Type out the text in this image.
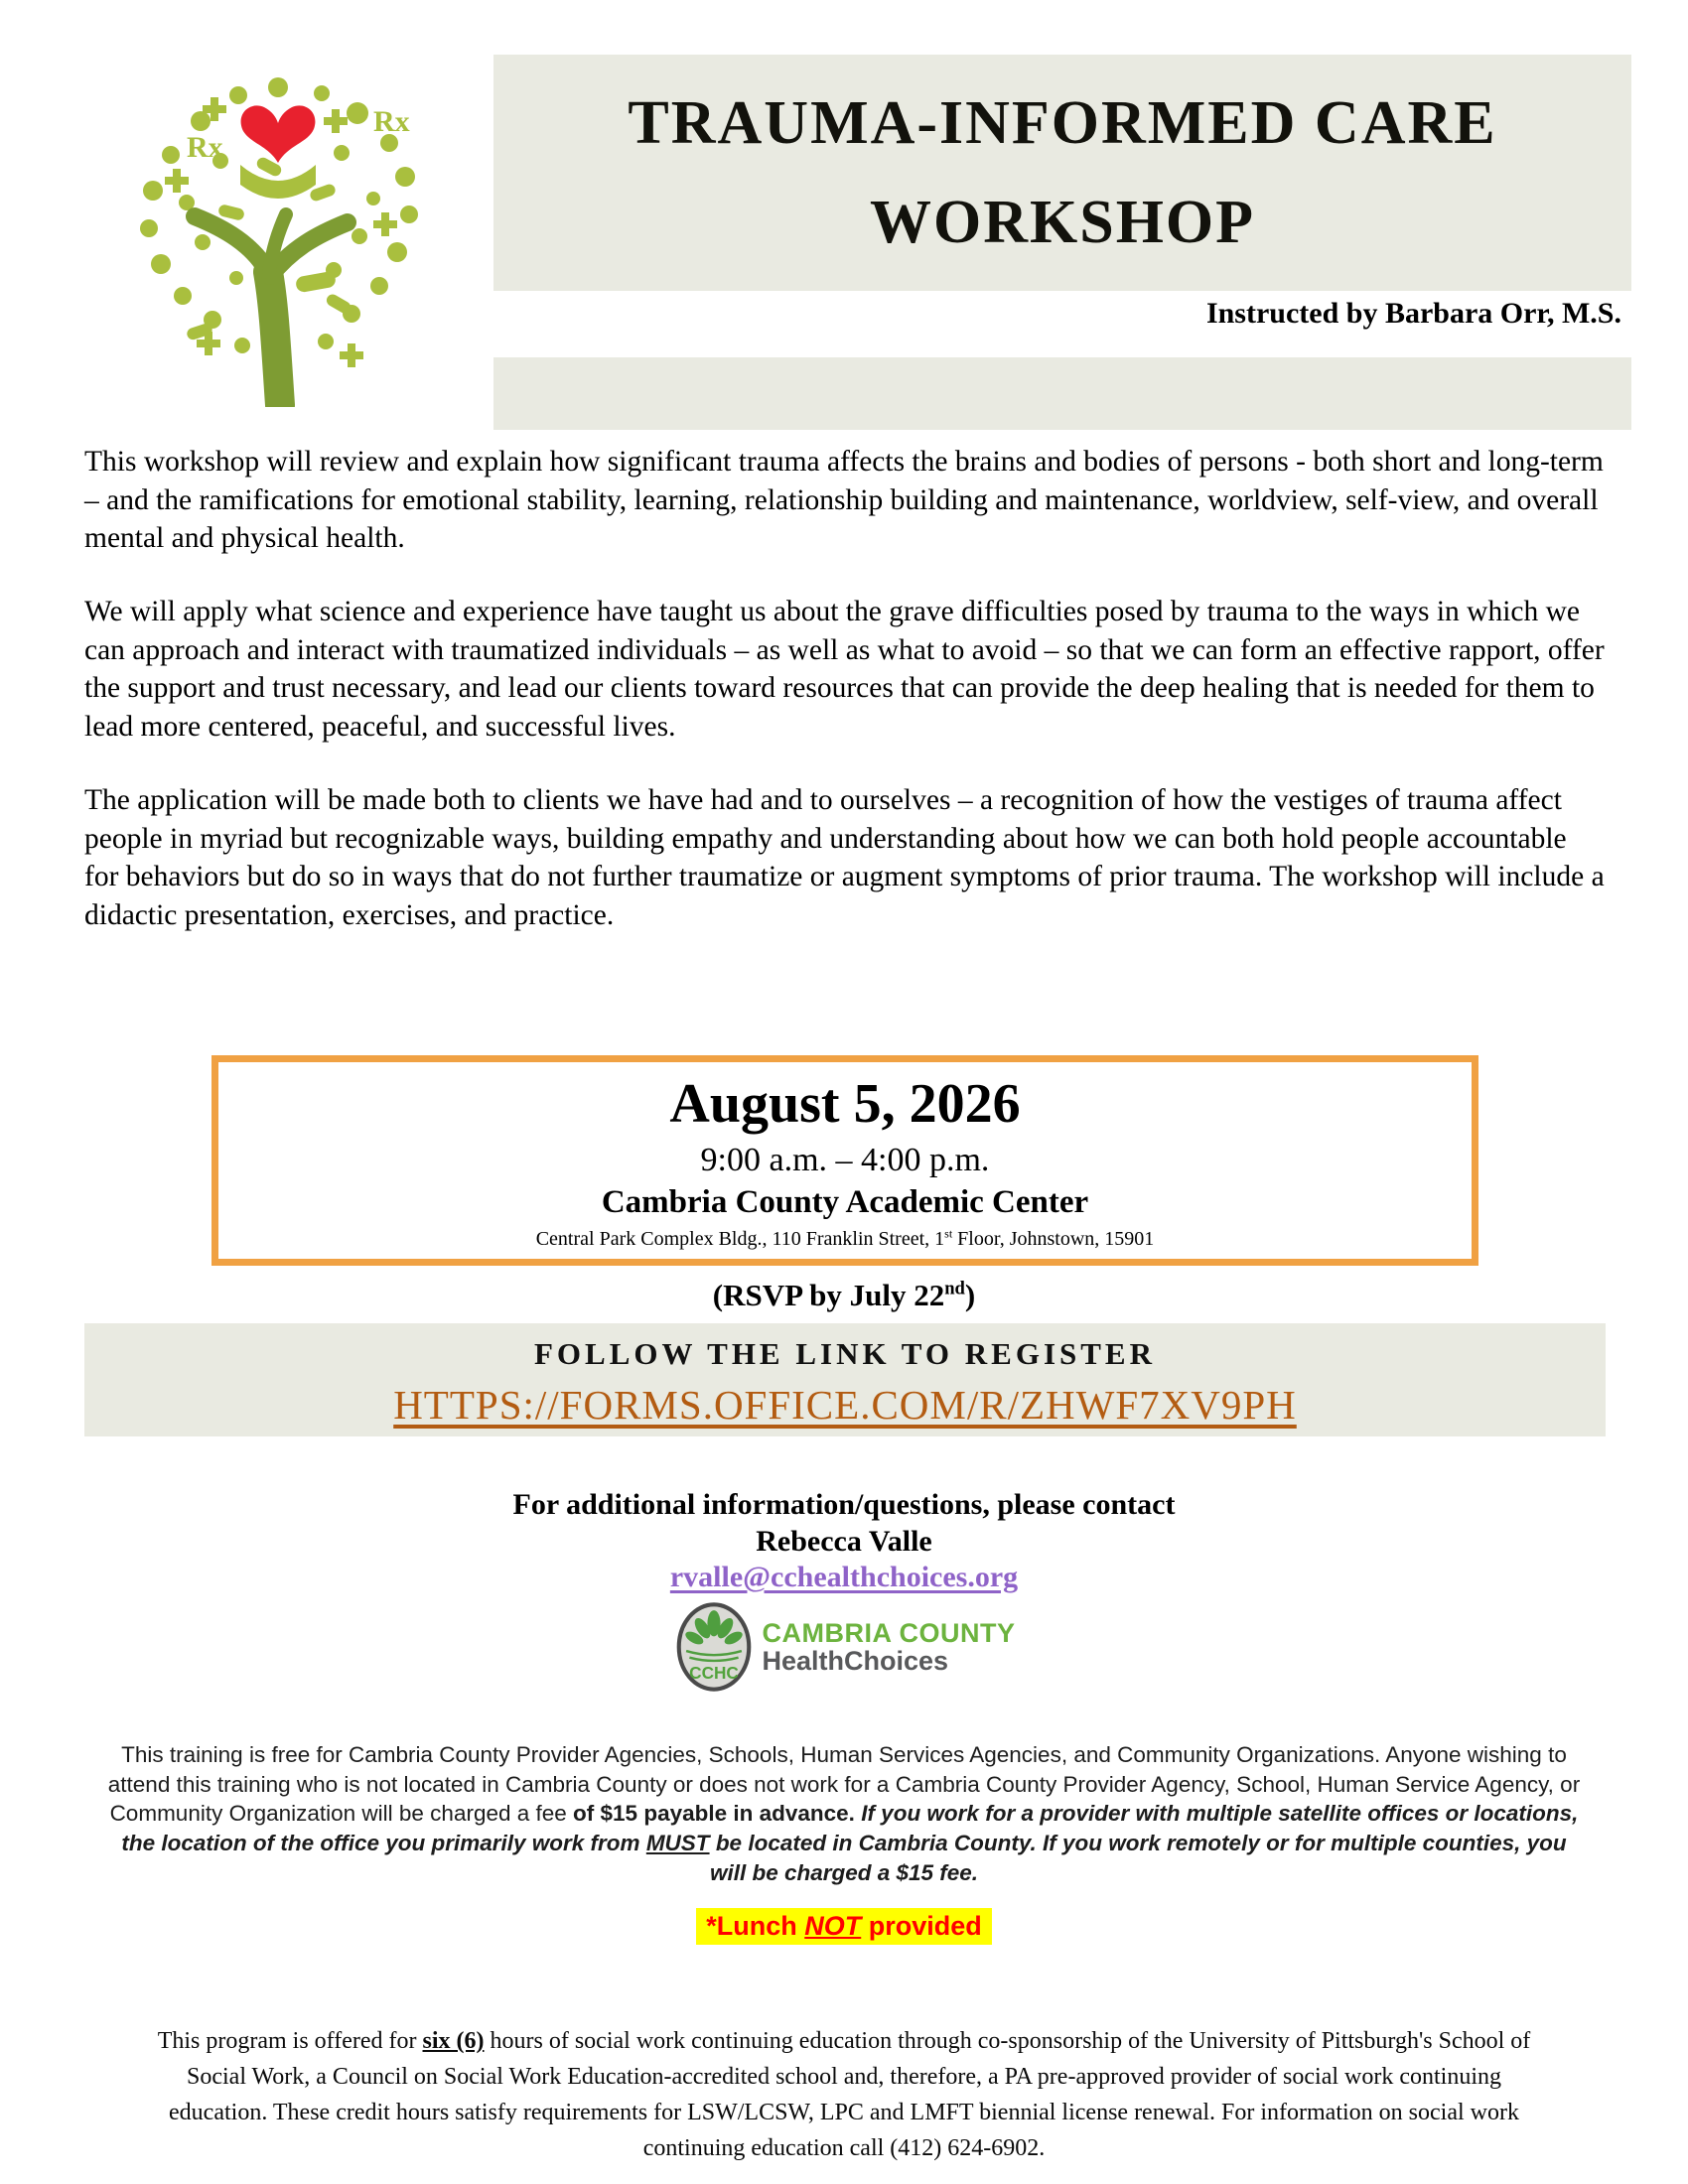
Rx
Rx	TRAUMA-INFORMED CARE
WORKSHOP
Instructed by Barbara Orr, M.S.
This workshop will review and explain how significant trauma affects the brains and bodies of persons - both short and long-term – and the ramifications for emotional stability, learning, relationship building and maintenance, worldview, self-view, and overall mental and physical health.
We will apply what science and experience have taught us about the grave difficulties posed by trauma to the ways in which we can approach and interact with traumatized individuals – as well as what to avoid – so that we can form an effective rapport, offer the support and trust necessary, and lead our clients toward resources that can provide the deep healing that is needed for them to lead more centered, peaceful, and successful lives.
The application will be made both to clients we have had and to ourselves – a recognition of how the vestiges of trauma affect people in myriad but recognizable ways, building empathy and understanding about how we can both hold people accountable for behaviors but do so in ways that do not further traumatize or augment symptoms of prior trauma. The workshop will include a didactic presentation, exercises, and practice.
August 5, 2026
9:00 a.m. – 4:00 p.m.
Cambria County Academic Center
Central Park Complex Bldg., 110 Franklin Street, 1st Floor, Johnstown, 15901
(RSVP by July 22nd)
FOLLOW THE LINK TO REGISTER
HTTPS://FORMS.OFFICE.COM/R/ZHWF7XV9PH
For additional information/questions, please contact
Rebecca Valle
rvalle@cchealthchoices.org
CCHC
CAMBRIA COUNTY
HealthChoices
This training is free for Cambria County Provider Agencies, Schools, Human Services Agencies, and Community Organizations. Anyone wishing to attend this training who is not located in Cambria County or does not work for a Cambria County Provider Agency, School, Human Service Agency, or Community Organization will be charged a fee of $15 payable in advance. If you work for a provider with multiple satellite offices or locations, the location of the office you primarily work from MUST be located in Cambria County. If you work remotely or for multiple counties, you will be charged a $15 fee.
*Lunch NOT provided
This program is offered for six (6) hours of social work continuing education through co-sponsorship of the University of Pittsburgh's School of Social Work, a Council on Social Work Education-accredited school and, therefore, a PA pre-approved provider of social work continuing education. These credit hours satisfy requirements for LSW/LCSW, LPC and LMFT biennial license renewal. For information on social work continuing education call (412) 624-6902.
